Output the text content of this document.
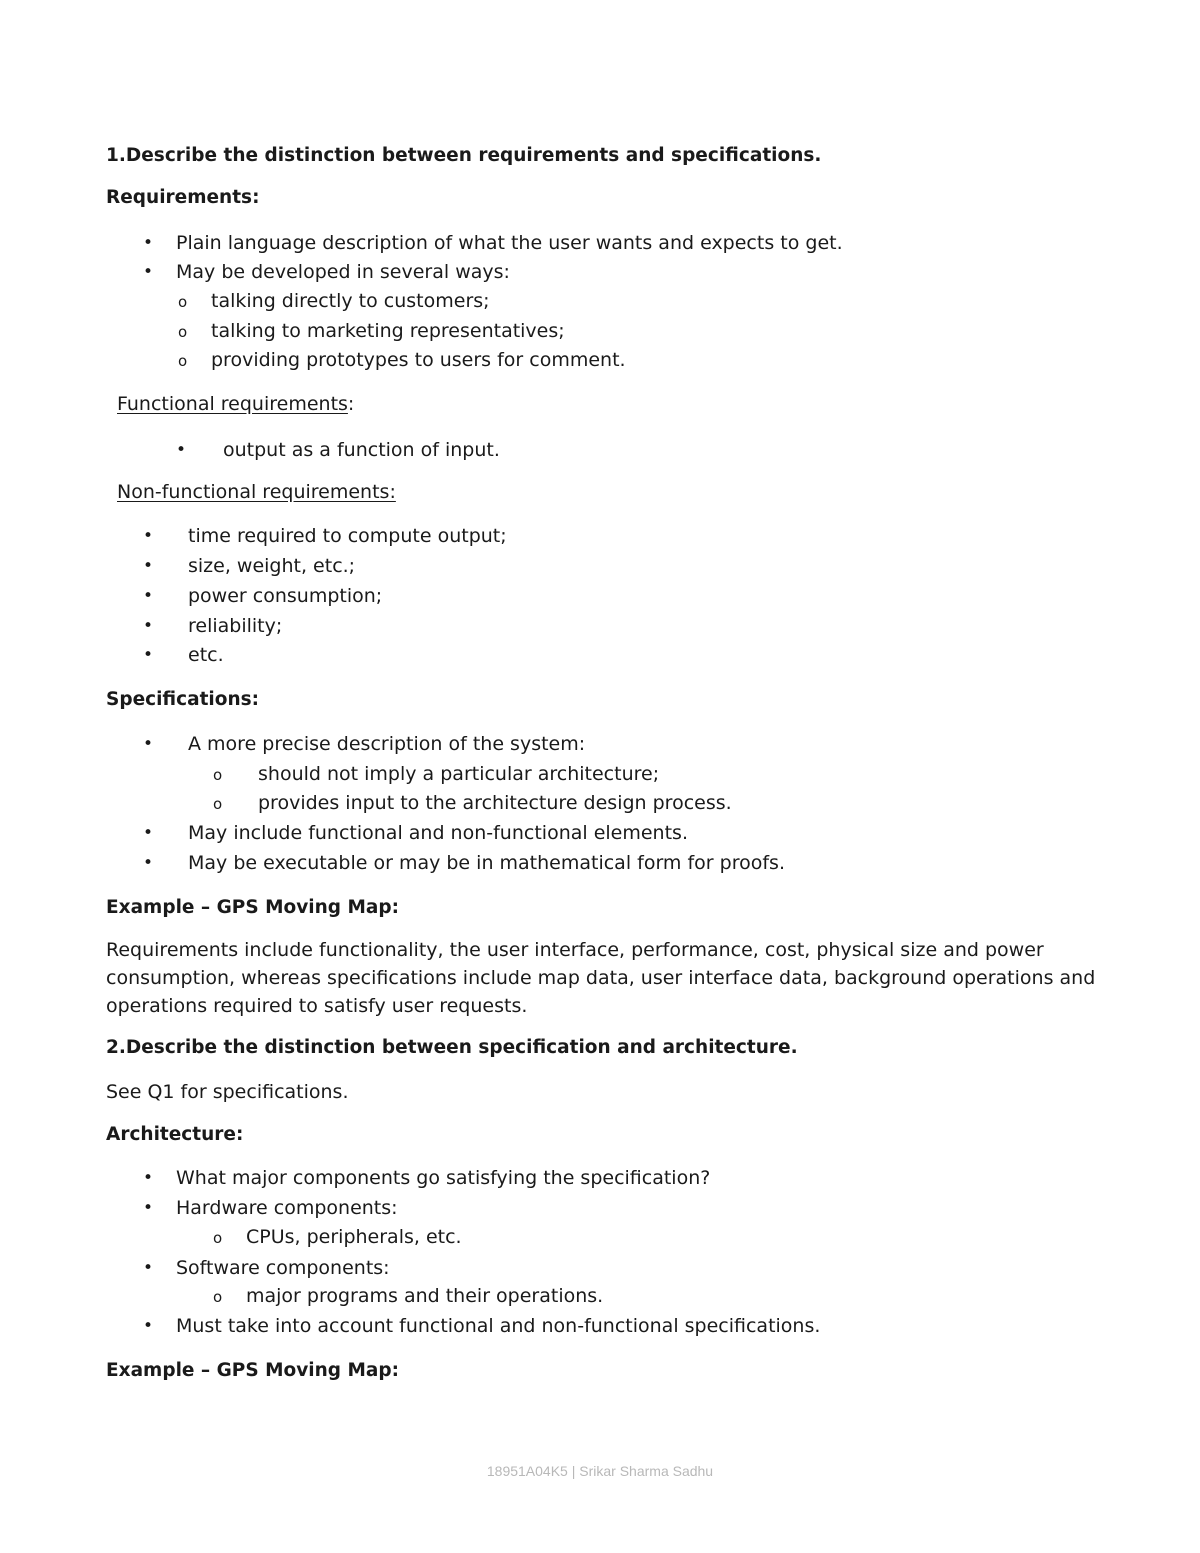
1.Describe the distinction between requirements and specifications.
Requirements:
• Plain language description of what the user wants and expects to get.
• May be developed in several ways:
o talking directly to customers;
o talking to marketing representatives;
o providing prototypes to users for comment.
Functional requirements:
• output as a function of input.
Non-functional requirements:
• time required to compute output;
• size, weight, etc.;
• power consumption;
• reliability;
• etc.
Specifications:
• A more precise description of the system:
o should not imply a particular architecture;
o provides input to the architecture design process.
• May include functional and non-functional elements.
• May be executable or may be in mathematical form for proofs.
Example – GPS Moving Map:
Requirements include functionality, the user interface, performance, cost, physical size and power consumption, whereas specifications include map data, user interface data, background operations and operations required to satisfy user requests.
2.Describe the distinction between specification and architecture.
See Q1 for specifications.
Architecture:
• What major components go satisfying the specification?
• Hardware components:
o CPUs, peripherals, etc.
• Software components:
o major programs and their operations.
• Must take into account functional and non-functional specifications.
Example – GPS Moving Map:
18951A04K5 | Srikar Sharma Sadhu
